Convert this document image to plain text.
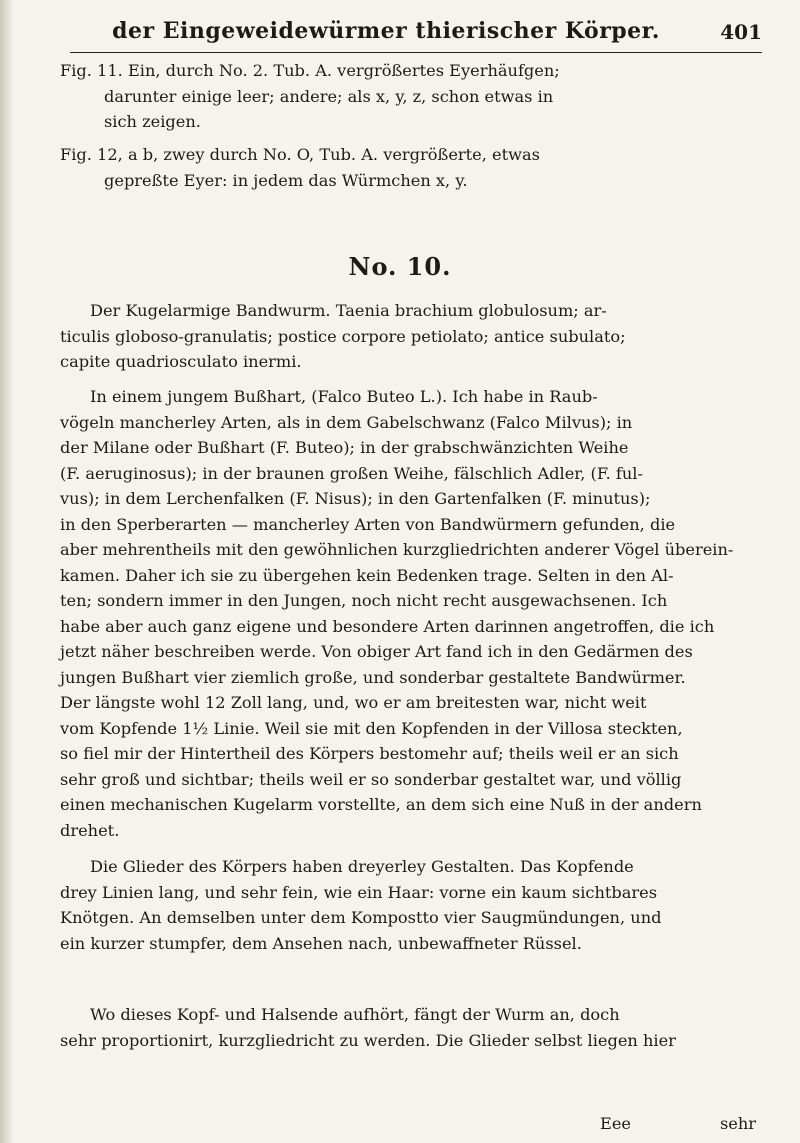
der Eingeweidewürmer thierischer Körper.	401
Fig. 11. Ein, durch No. 2. Tub. A. vergrößertes Eyerhäufgen;
darunter einige leer; andere; als x, y, z, schon etwas in
sich zeigen.
Fig. 12, a b, zwey durch No. O, Tub. A. vergrößerte, etwas
gepreßte Eyer: in jedem das Würmchen x, y.
No. 10.
Der Kugelarmige Bandwurm. Taenia brachium globulosum; ar-
ticulis globoso-granulatis; postice corpore petiolato; antice subulato;
capite quadriosculato inermi.
In einem jungem Bußhart, (Falco Buteo L.). Ich habe in Raub-
vögeln mancherley Arten, als in dem Gabelschwanz (Falco Milvus); in
der Milane oder Bußhart (F. Buteo); in der grabschwänzichten Weihe
(F. aeruginosus); in der braunen großen Weihe, fälschlich Adler, (F. ful-
vus); in dem Lerchenfalken (F. Nisus); in den Gartenfalken (F. minutus);
in den Sperberarten — mancherley Arten von Bandwürmern gefunden, die
aber mehrentheils mit den gewöhnlichen kurzgliedrichten anderer Vögel überein-
kamen. Daher ich sie zu übergehen kein Bedenken trage. Selten in den Al-
ten; sondern immer in den Jungen, noch nicht recht ausgewachsenen. Ich
habe aber auch ganz eigene und besondere Arten darinnen angetroffen, die ich
jetzt näher beschreiben werde. Von obiger Art fand ich in den Gedärmen des
jungen Bußhart vier ziemlich große, und sonderbar gestaltete Bandwürmer.
Der längste wohl 12 Zoll lang, und, wo er am breitesten war, nicht weit
vom Kopfende 1½ Linie. Weil sie mit den Kopfenden in der Villosa steckten,
so fiel mir der Hintertheil des Körpers bestomehr auf; theils weil er an sich
sehr groß und sichtbar; theils weil er so sonderbar gestaltet war, und völlig
einen mechanischen Kugelarm vorstellte, an dem sich eine Nuß in der andern
drehet.
Die Glieder des Körpers haben dreyerley Gestalten. Das Kopfende
drey Linien lang, und sehr fein, wie ein Haar: vorne ein kaum sichtbares
Knötgen. An demselben unter dem Kompostto vier Saugmündungen, und
ein kurzer stumpfer, dem Ansehen nach, unbewaffneter Rüssel.
Wo dieses Kopf- und Halsende aufhört, fängt der Wurm an, doch
sehr proportionirt, kurzgliedricht zu werden. Die Glieder selbst liegen hier
Eee	sehr
